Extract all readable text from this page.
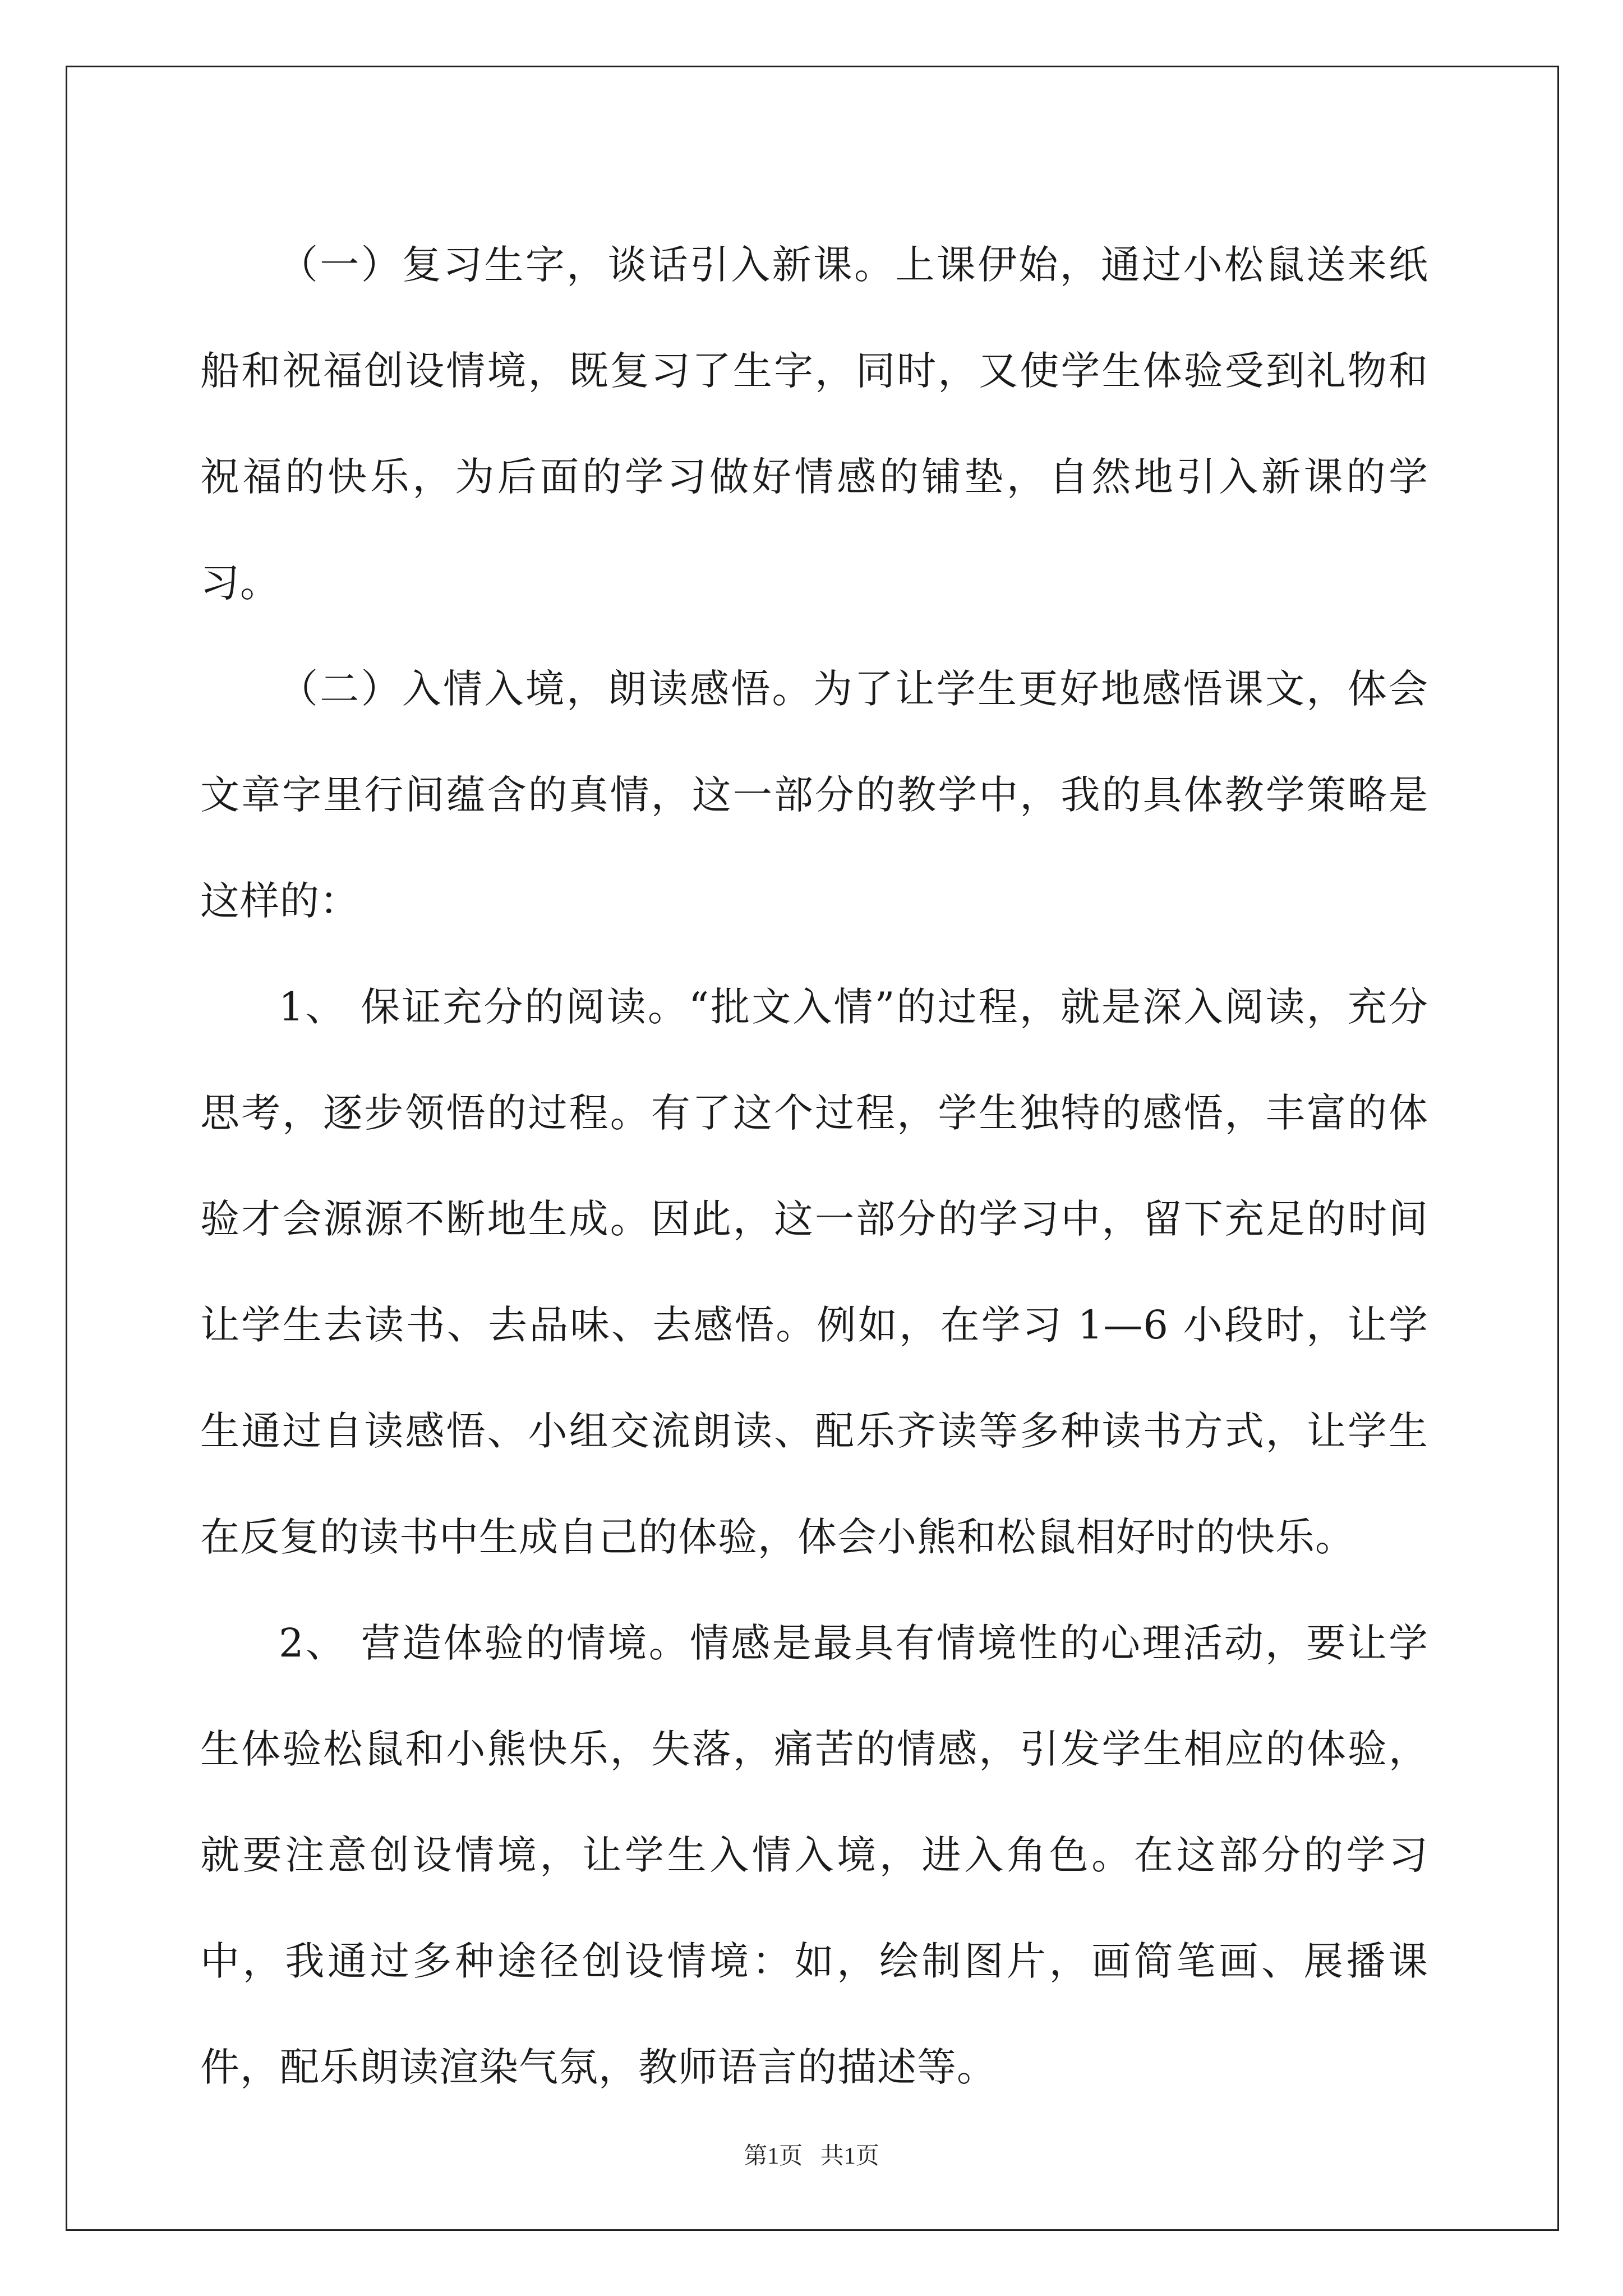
（一）复习生字，谈话引入新课。上课伊始，通过小松鼠送来纸船和祝福创设情境，既复习了生字，同时，又使学生体验受到礼物和祝福的快乐，为后面的学习做好情感的铺垫，自然地引入新课的学习。

（二）入情入境，朗读感悟。为了让学生更好地感悟课文，体会文章字里行间蕴含的真情，这一部分的教学中，我的具体教学策略是这样的：

1、 保证充分的阅读。“批文入情”的过程，就是深入阅读，充分思考，逐步领悟的过程。有了这个过程，学生独特的感悟，丰富的体验才会源源不断地生成。因此，这一部分的学习中，留下充足的时间让学生去读书、去品味、去感悟。例如，在学习 1—6 小段时，让学生通过自读感悟、小组交流朗读、配乐齐读等多种读书方式，让学生在反复的读书中生成自己的体验，体会小熊和松鼠相好时的快乐。

2、 营造体验的情境。情感是最具有情境性的心理活动，要让学生体验松鼠和小熊快乐，失落，痛苦的情感，引发学生相应的体验，就要注意创设情境，让学生入情入境，进入角色。在这部分的学习中，我通过多种途径创设情境：如，绘制图片，画简笔画、展播课件，配乐朗读渲染气氛，教师语言的描述等。

第1页 共1页
